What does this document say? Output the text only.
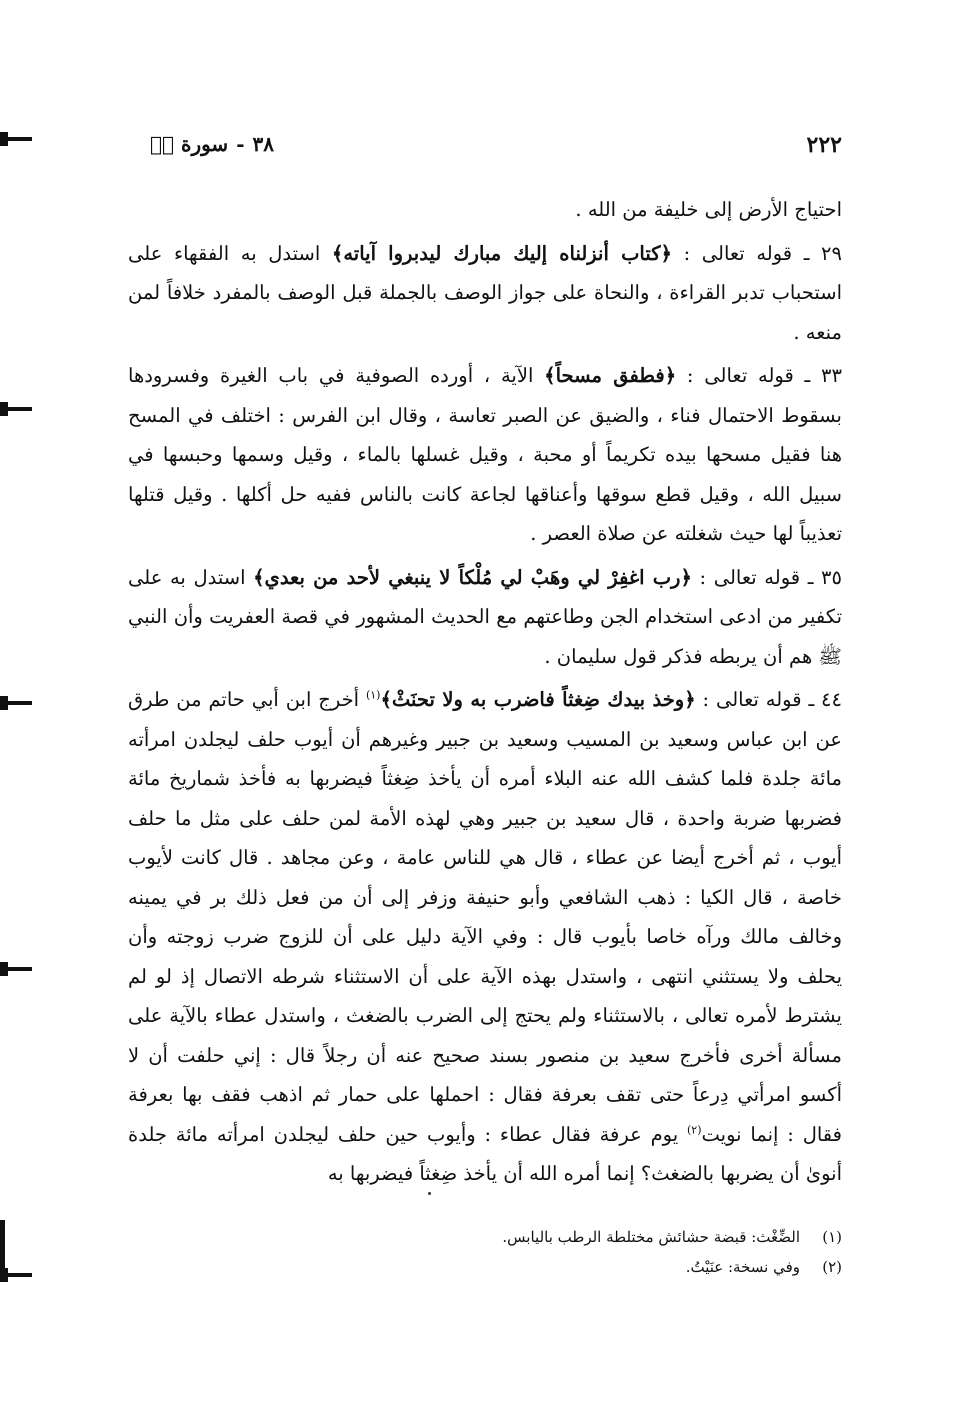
٢٢٢
٣٨-سورة صۤ

احتياج الأرض إلى خليفة من الله .

٢٩ ـ قوله تعالى : ﴿كتاب أنزلناه إليك مبارك ليدبروا آياته﴾ استدل به الفقهاء على استحباب تدبر القراءة ، والنحاة على جواز الوصف بالجملة قبل الوصف بالمفرد خلافاً لمن منعه .

٣٣ ـ قوله تعالى : ﴿فطفق مسحاً﴾ الآية ، أورده الصوفية في باب الغيرة وفسرودها بسقوط الاحتمال فناء ، والضيق عن الصبر تعاسة ، وقال ابن الفرس : اختلف في المسح هنا فقيل مسحها بيده تكريماً أو محبة ، وقيل غسلها بالماء ، وقيل وسمها وحبسها في سبيل الله ، وقيل قطع سوقها وأعناقها لجاعة كانت بالناس ففيه حل أكلها . وقيل قتلها تعذيباً لها حيث شغلته عن صلاة العصر .

٣٥ ـ قوله تعالى : ﴿رب اغفِرْ لي وهَبْ لي مُلْكاً لا ينبغي لأحد من بعدي﴾ استدل به على تكفير من ادعى استخدام الجن وطاعتهم مع الحديث المشهور في قصة العفريت وأن النبي ﷺ هم أن يربطه فذكر قول سليمان .

٤٤ ـ قوله تعالى : ﴿وخذ بيدك ضِغثاً فاضرب به ولا تحنَثْ﴾$^{(١)}$ أخرج ابن أبي حاتم من طرق عن ابن عباس وسعيد بن المسيب وسعيد بن جبير وغيرهم أن أيوب حلف ليجلدن امرأته مائة جلدة فلما كشف الله عنه البلاء أمره أن يأخذ ضِغثاً فيضربها به فأخذ شماريخ مائة فضربها ضربة واحدة ، قال سعيد بن جبير وهي لهذه الأمة لمن حلف على مثل ما حلف أيوب ، ثم أخرج أيضا عن عطاء ، قال هي للناس عامة ، وعن مجاهد . قال كانت لأيوب خاصة ، قال الكيا : ذهب الشافعي وأبو حنيفة وزفر إلى أن من فعل ذلك بر في يمينه وخالف مالك ورآه خاصا بأيوب قال : وفي الآية دليل على أن للزوج ضرب زوجته وأن يحلف ولا يستثني انتهى ، واستدل بهذه الآية على أن الاستثناء شرطه الاتصال إذ لو لم يشترط لأمره تعالى ، بالاستثناء ولم يحتج إلى الضرب بالضغث ، واستدل عطاء بالآية على مسألة أخرى فأخرج سعيد بن منصور بسند صحيح عنه أن رجلاً قال : إني حلفت أن لا أكسو امرأتي دِرعاً حتى تقف بعرفة فقال : احملها على حمار ثم اذهب فقف بها بعرفة فقال : إنما نويت$^{(٢)}$ يوم عرفة فقال عطاء : وأيوب حين حلف ليجلدن امرأته مائة جلدة أنوىٰ أن يضربها بالضغث؟ إنما أمره الله أن يأخذ ضِغثاً فيضربها به

(١)
الضِّغْث: قبضة حشائش مختلطة الرطب باليابس.
(٢)
وفي نسخة: عنَيْتُ.
